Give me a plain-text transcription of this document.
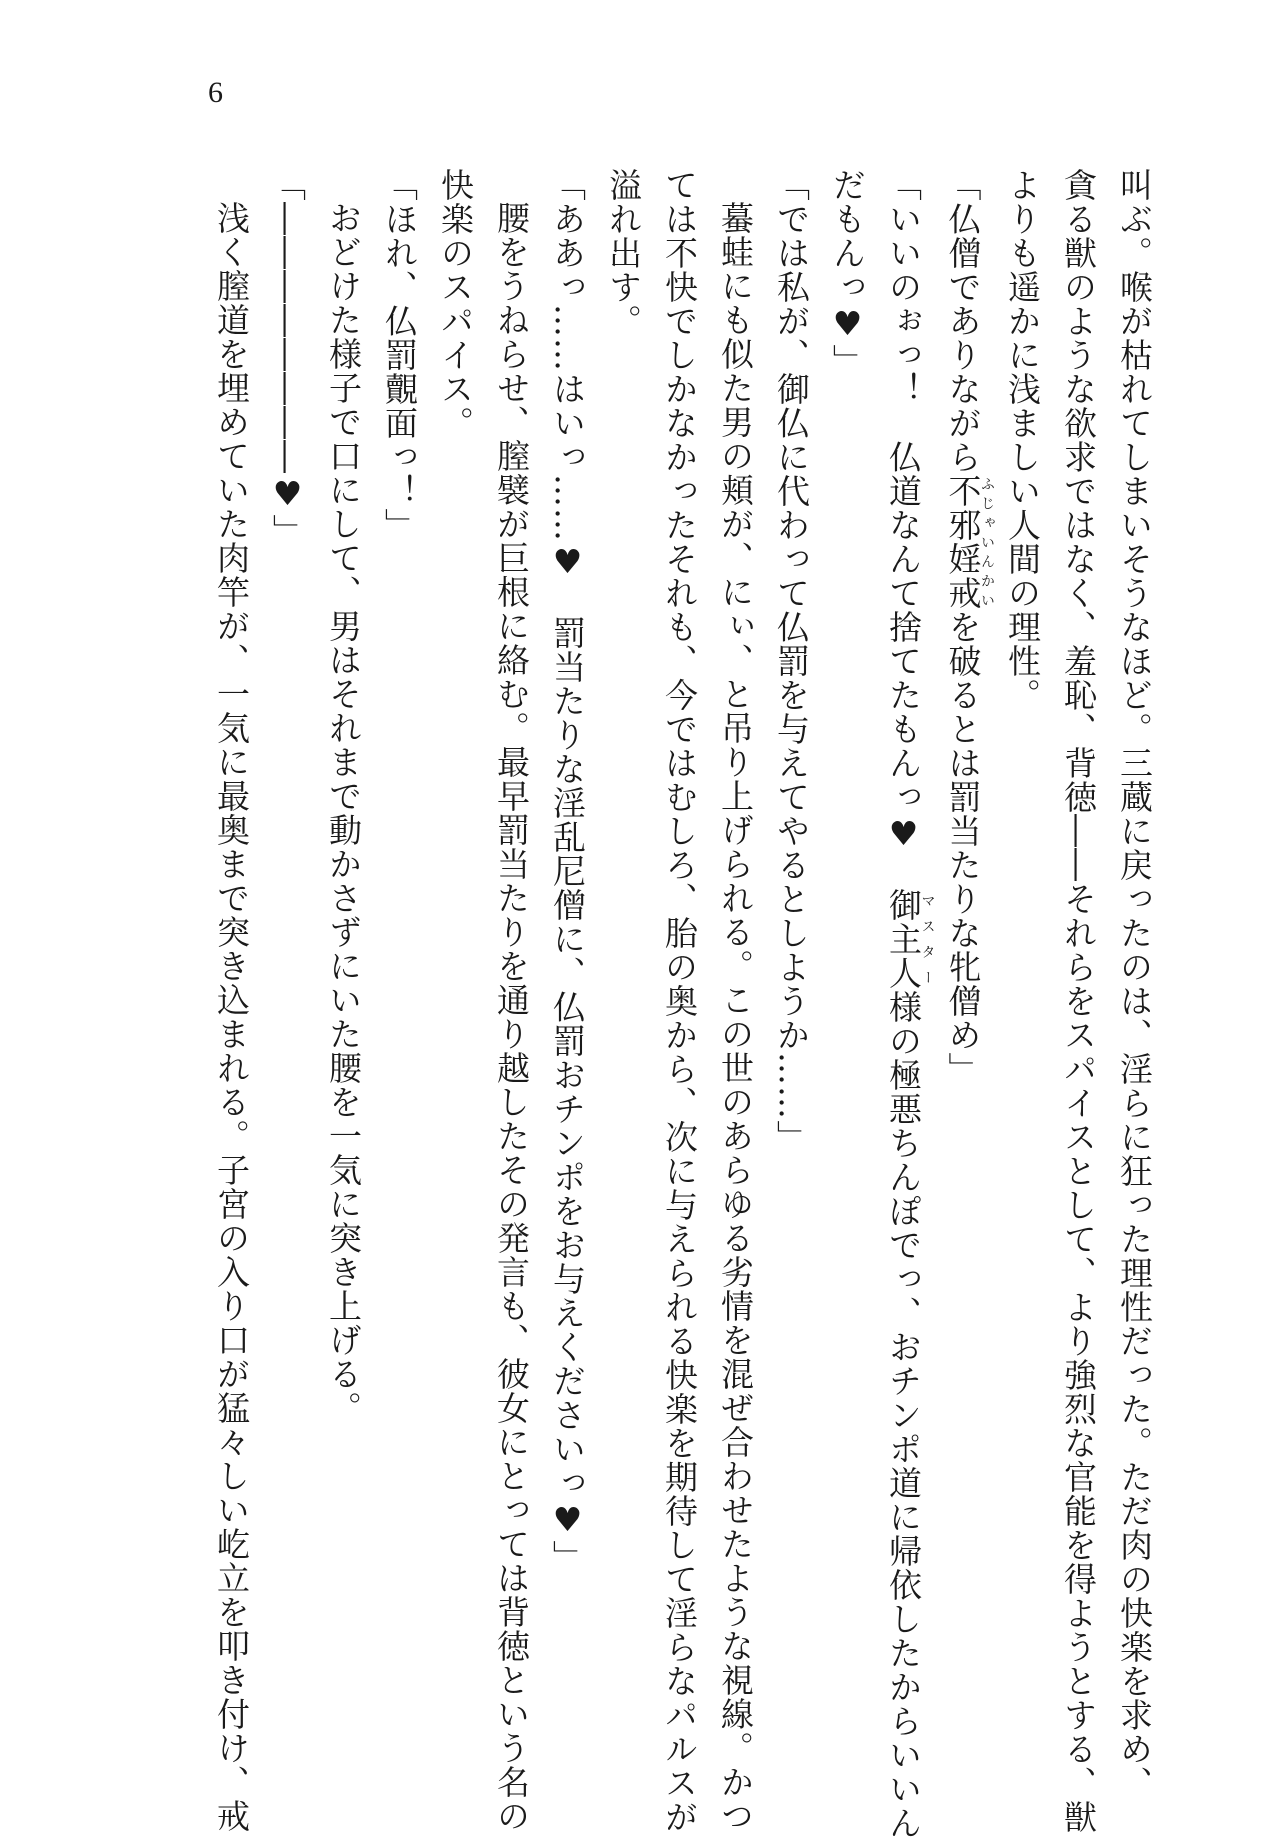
6

叫ぶ。喉が枯れてしまいそうなほど。三蔵に戻ったのは、淫らに狂った理性だった。ただ肉の快楽を求め、

貪る獣のような欲求ではなく、羞恥、背徳――それらをスパイスとして、より強烈な官能を得ようとする、獣

よりも遥かに浅ましい人間の理性。

「仏僧でありながら不邪婬戒ふじゃいんかいを破るとは罰当たりな牝僧め」

「いいのぉっ！　仏道なんて捨てたもんっ♥　御主人マスター様の極悪ちんぽでっ、おチンポ道に帰依したからいいん

だもんっ♥」

「では私が、御仏に代わって仏罰を与えてやるとしようか……」

蟇蛙にも似た男の頬が、にぃ、と吊り上げられる。この世のあらゆる劣情を混ぜ合わせたような視線。かつ

ては不快でしかなかったそれも、今ではむしろ、胎の奥から、次に与えられる快楽を期待して淫らなパルスが

溢れ出す。

「ああっ……はいっ……♥　罰当たりな淫乱尼僧に、仏罰おチンポをお与えくださいっ♥」

腰をうねらせ、膣襞が巨根に絡む。最早罰当たりを通り越したその発言も、彼女にとっては背徳という名の

快楽のスパイス。

「ほれ、仏罰覿面っ！」

おどけた様子で口にして、男はそれまで動かさずにいた腰を一気に突き上げる。

「――――――――♥」

浅く膣道を埋めていた肉竿が、一気に最奥まで突き込まれる。子宮の入り口が猛々しい屹立を叩き付け、戒
